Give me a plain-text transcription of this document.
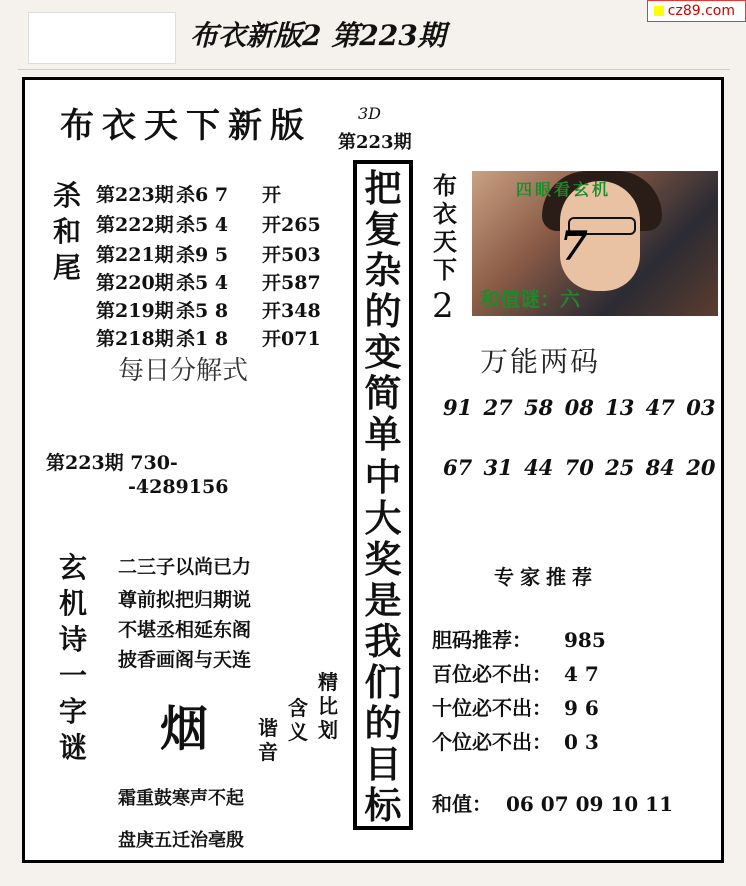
布衣新版2 第223期
cz89.com
布衣天下新版	3D
第223期
杀和尾
第223期 杀6 7 开
第222期 杀5 4 开265
第221期 杀9 5 开503
第220期 杀5 4 开587
第219期 杀5 8 开348
第218期 杀1 8 开071
每日分解式
第223期 730-
-4289156
玄机诗一字谜
二三子以尚已力
尊前拟把归期说
不堪丞相延东阁
披香画阁与天连
烟 谐音
含义
精比划
霜重鼓寒声不起
盘庚五迁治亳殷
把
复
杂
的
变
简
单
中
大
奖
是
我
们
的
目
标
布衣天下
2
四眼看玄机
7
和值谜：六
万能两码
91 27 58 08 13 47 03
67 31 44 70 25 84 20
专家推荐
胆码推荐： 985
百位必不出： 4 7
十位必不出： 9 6
个位必不出： 0 3
和值： 06 07 09 10 11
